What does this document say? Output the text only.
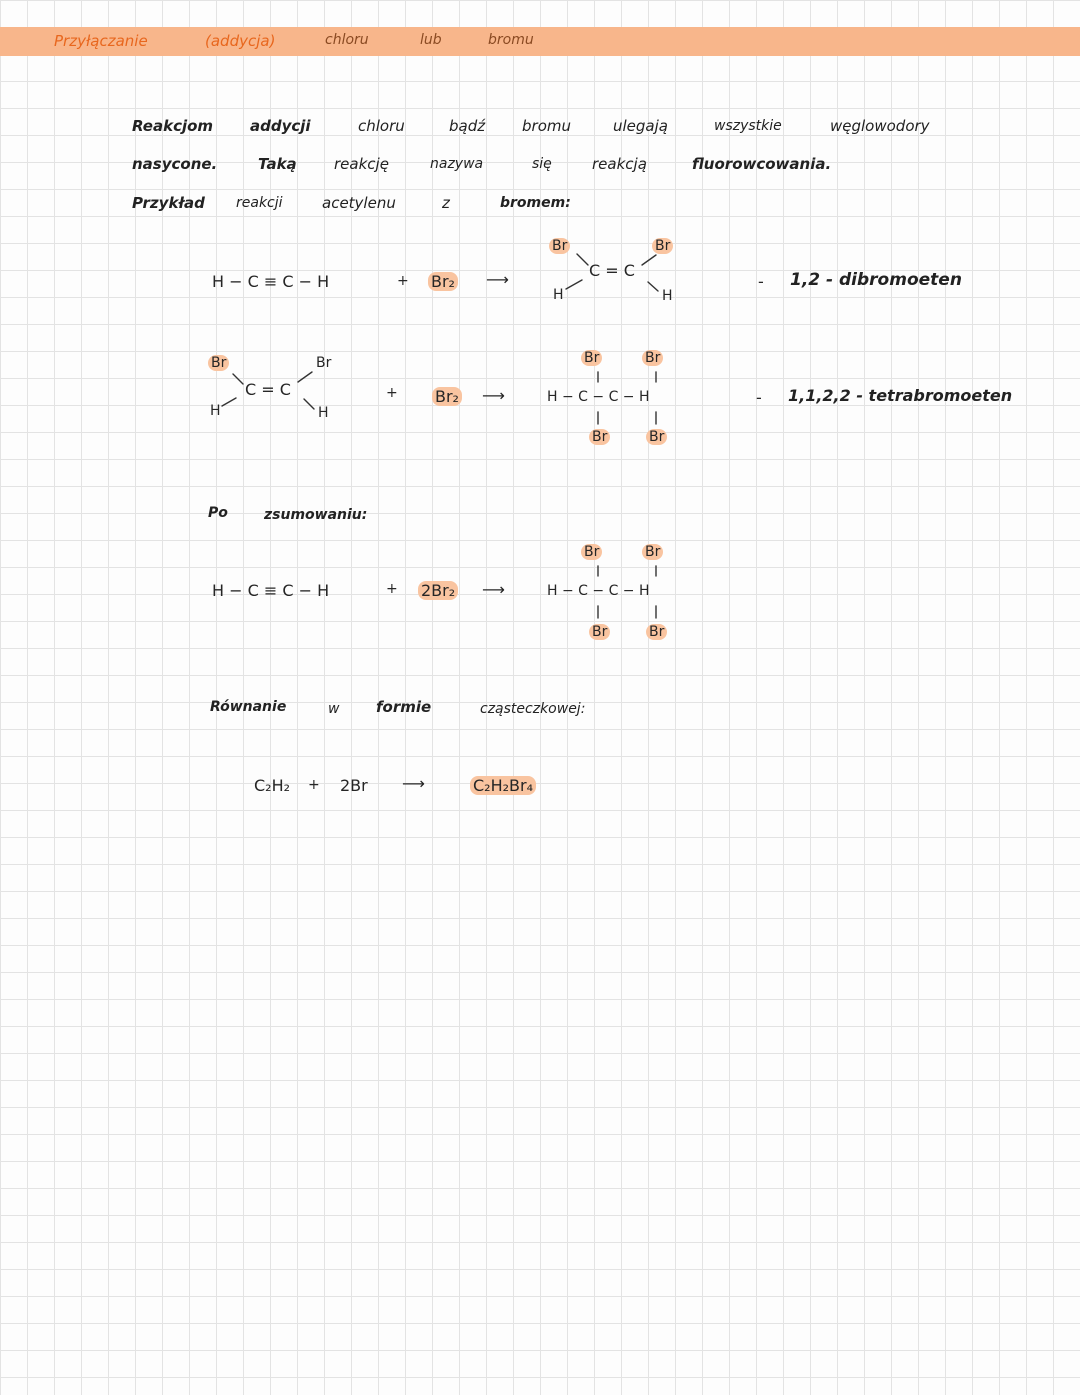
Przyłączanie	(addycja)	chloru	lub	bromu
Reakcjom addycji	chloru	bądź bromu	ulegają	wszystkie	węglowodory
nasycone.	Taką reakcję	nazywa	się	reakcją	fluorowcowania.
Przykład reakcji	acetylenu	z	bromem:
H − C ≡ C − H	+ Br₂ ⟶
Br	Br
C = C
H	H
- 1,2 - dibromoeten
Br	Br
C = C
H	H
+ Br₂ ⟶
Br	Br
H − C − C − H
Br	Br
- 1,1,2,2 - tetrabromoeten
Po	zsumowaniu:
H − C ≡ C − H	+ 2Br₂ ⟶
Br	Br
H − C − C − H
Br	Br
Równanie	w formie	cząsteczkowej:
C₂H₂ + 2Br ⟶	C₂H₂Br₄
